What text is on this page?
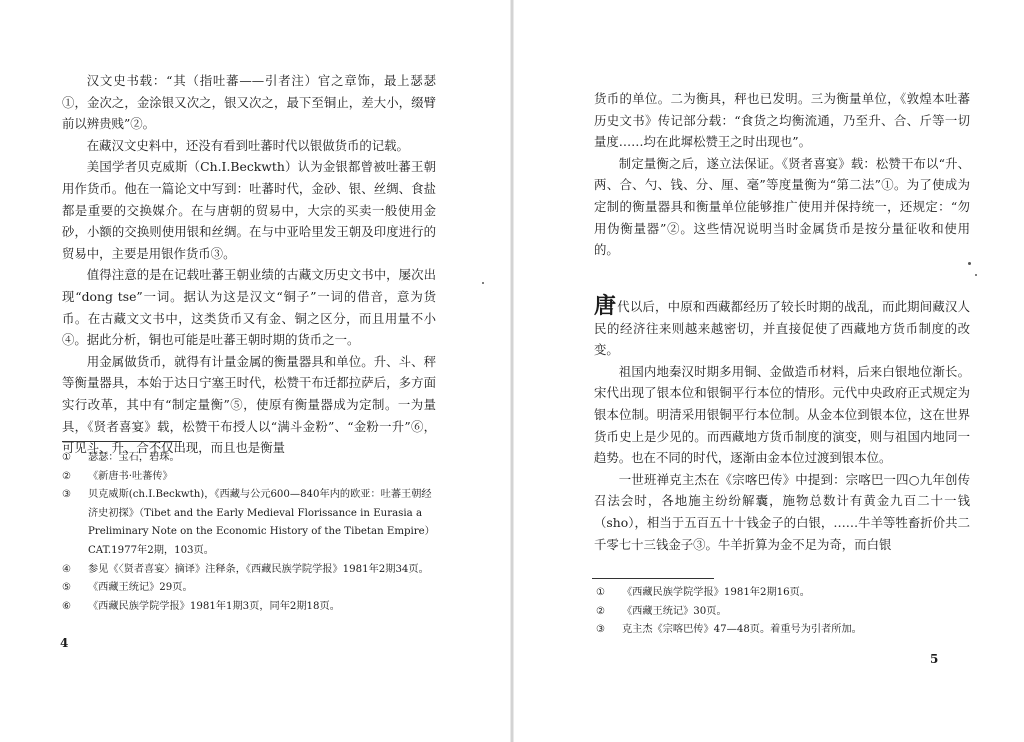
汉文史书载：“其（指吐蕃——引者注）官之章饰，最上瑟瑟①，金次之，金涂银又次之，银又次之，最下至铜止，差大小，缀臂前以辨贵贱”②。

在藏汉文史料中，还没有看到吐蕃时代以银做货币的记载。

美国学者贝克威斯（Ch.I.Beckwth）认为金银都曾被吐蕃王朝用作货币。他在一篇论文中写到：吐蕃时代，金砂、银、丝绸、食盐都是重要的交换媒介。在与唐朝的贸易中，大宗的买卖一般使用金砂，小额的交换则使用银和丝绸。在与中亚哈里发王朝及印度进行的贸易中，主要是用银作货币③。

值得注意的是在记载吐蕃王朝业绩的古藏文历史文书中，屡次出现“dong tse”一词。据认为这是汉文“铜子”一词的借音，意为货币。在古藏文文书中，这类货币又有金、铜之区分，而且用量不小④。据此分析，铜也可能是吐蕃王朝时期的货币之一。

用金属做货币，就得有计量金属的衡量器具和单位。升、斗、秤等衡量器具，本始于达日宁塞王时代，松赞干布迁都拉萨后，多方面实行改革，其中有“制定量衡”⑤，使原有衡量器成为定制。一为量具，《贤者喜宴》载，松赞干布授人以“满斗金粉”、“金粉一升”⑥，可见斗、升、合不仅出现，而且也是衡量

①	瑟瑟：宝石，碧珠。
②	《新唐书·吐蕃传》
③	贝克威斯(ch.I.Beckwth)，《西藏与公元600—840年内的欧亚：吐蕃王朝经济史初探》（Tibet and the Early Medieval Florissance in Eurasia a Preliminary Note on the Economic History of the Tibetan Empire）CAT.1977年2期，103页。
④	参见《〈贤者喜宴〉摘译》注释条，《西藏民族学院学报》1981年2期34页。
⑤	《西藏王统记》29页。
⑥	《西藏民族学院学报》1981年1期3页，同年2期18页。
4

货币的单位。二为衡具，秤也已发明。三为衡量单位，《敦煌本吐蕃历史文书》传记部分载：“食货之均衡流通，乃至升、合、斤等一切量度……均在此墀松赞王之时出现也”。

制定量衡之后，遂立法保证。《贤者喜宴》载：松赞干布以“升、两、合、勺、钱、分、厘、毫”等度量衡为“第二法”①。为了使成为定制的衡量器具和衡量单位能够推广使用并保持统一，还规定：“勿用伪衡量器”②。这些情况说明当时金属货币是按分量征收和使用的。

唐代以后，中原和西藏都经历了较长时期的战乱，而此期间藏汉人民的经济往来则越来越密切，并直接促使了西藏地方货币制度的改变。

祖国内地秦汉时期多用铜、金做造币材料，后来白银地位渐长。宋代出现了银本位和银铜平行本位的情形。元代中央政府正式规定为银本位制。明清采用银铜平行本位制。从金本位到银本位，这在世界货币史上是少见的。而西藏地方货币制度的演变，则与祖国内地同一趋势。也在不同的时代，逐渐由金本位过渡到银本位。

一世班禅克主杰在《宗喀巴传》中提到：宗喀巴一四○九年创传召法会时，各地施主纷纷解囊，施物总数计有黄金九百二十一钱（sho），相当于五百五十十钱金子的白银，……牛羊等牲畜折价共二千零七十三钱金子③。牛羊折算为金不足为奇，而白银

①	《西藏民族学院学报》1981年2期16页。
②	《西藏王统记》30页。
③	克主杰《宗喀巴传》47—48页。着重号为引者所加。
5
